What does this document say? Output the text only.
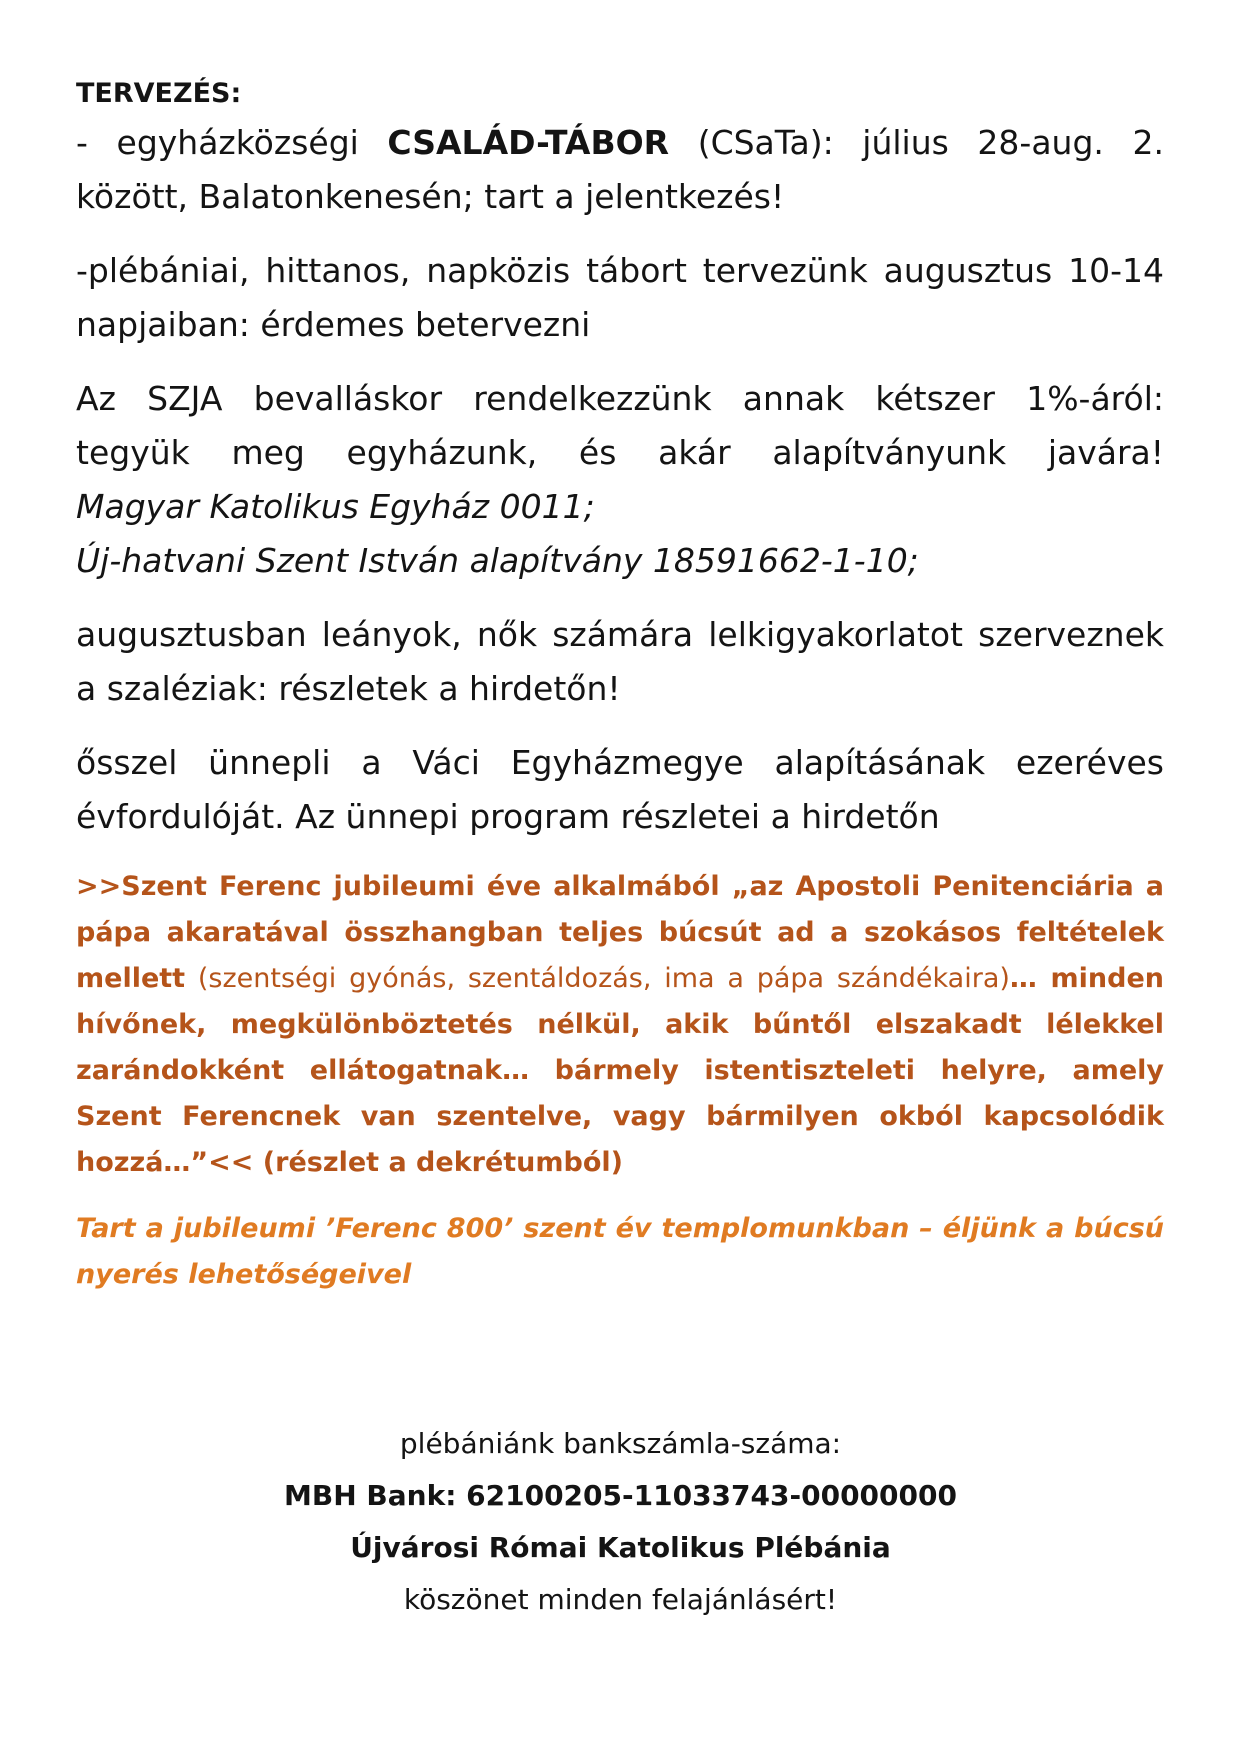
TERVEZÉS:

- egyházközségi CSALÁD-TÁBOR (CSaTa): július 28-aug. 2. között, Balatonkenesén; tart a jelentkezés!

-plébániai, hittanos, napközis tábort tervezünk augusztus 10-14 napjaiban: érdemes betervezni

Az SZJA bevalláskor rendelkezzünk annak kétszer 1%-áról:
tegyük meg egyházunk, és akár alapítványunk javára!
Magyar Katolikus Egyház 0011;
Új-hatvani Szent István alapítvány 18591662-1-10;

augusztusban leányok, nők számára lelkigyakorlatot szerveznek a szaléziak: részletek a hirdetőn!

ősszel ünnepli a Váci Egyházmegye alapításának ezeréves évfordulóját. Az ünnepi program részletei a hirdetőn

>>Szent Ferenc jubileumi éve alkalmából „az Apostoli Penitenciária a pápa akaratával összhangban teljes búcsút ad a szokásos feltételek mellett (szentségi gyónás, szentáldozás, ima a pápa szándékaira)… minden hívőnek, megkülönböztetés nélkül, akik bűntől elszakadt lélekkel zarándokként ellátogatnak… bármely istentiszteleti helyre, amely Szent Ferencnek van szentelve, vagy bármilyen okból kapcsolódik hozzá…”<< (részlet a dekrétumból)

Tart a jubileumi ’Ferenc 800’ szent év templomunkban – éljünk a búcsú nyerés lehetőségeivel

plébániánk bankszámla-száma:
MBH Bank: 62100205-11033743-00000000
Újvárosi Római Katolikus Plébánia
köszönet minden felajánlásért!
